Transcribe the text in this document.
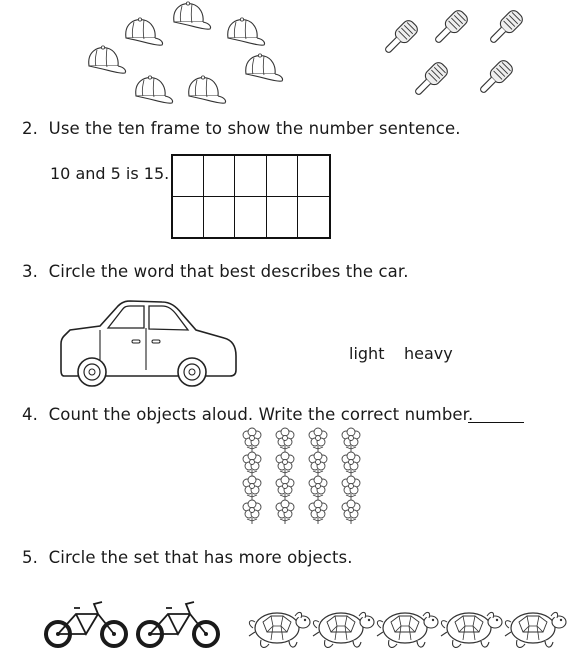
2. Use the ten frame to show the number sentence.
10 and 5 is 15.
3. Circle the word that best describes the car.
light heavy
4. Count the objects aloud. Write the correct number.
5. Circle the set that has more objects.
